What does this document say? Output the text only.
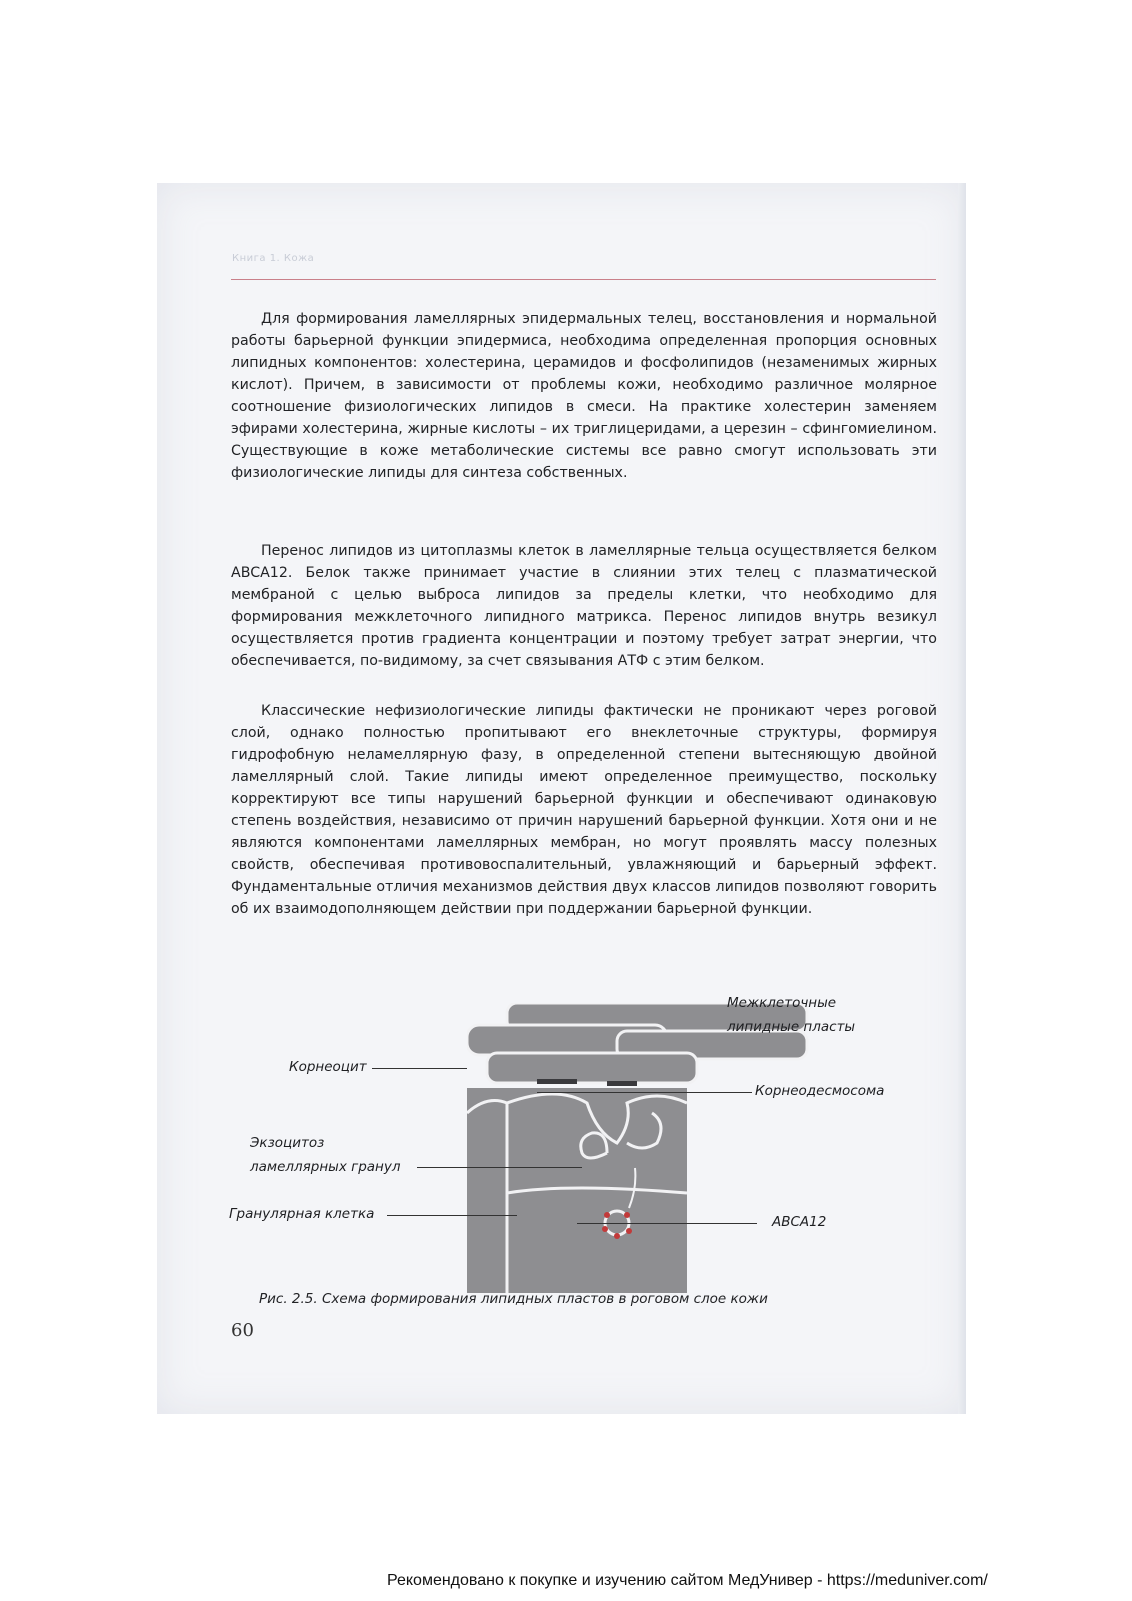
Книга 1. Кожа

Для формирования ламеллярных эпидермальных телец, восстановления и нормальной работы барьерной функции эпидермиса, необходима определенная пропорция основных липидных компонентов: холестерина, церамидов и фосфолипидов (незаменимых жирных кислот). Причем, в зависимости от проблемы кожи, необходимо различное молярное соотношение физиологических липидов в смеси. На практике холестерин заменяем эфирами холестерина, жирные кислоты – их триглицеридами, а церезин – сфингомиелином. Существующие в коже метаболические системы все равно смогут использовать эти физиологические липиды для синтеза собственных.

Перенос липидов из цитоплазмы клеток в ламеллярные тельца осуществляется белком ABCA12. Белок также принимает участие в слиянии этих телец с плазматической мембраной с целью выброса липидов за пределы клетки, что необходимо для формирования межклеточного липидного матрикса. Перенос липидов внутрь везикул осуществляется против градиента концентрации и поэтому требует затрат энергии, что обеспечивается, по-видимому, за счет связывания АТФ с этим белком.

Классические нефизиологические липиды фактически не проникают через роговой слой, однако полностью пропитывают его внеклеточные структуры, формируя гидрофобную неламеллярную фазу, в определенной степени вытесняющую двойной ламеллярный слой. Такие липиды имеют определенное преимущество, поскольку корректируют все типы нарушений барьерной функции и обеспечивают одинаковую степень воздействия, независимо от причин нарушений барьерной функции. Хотя они и не являются компонентами ламеллярных мембран, но могут проявлять массу полезных свойств, обеспечивая противовоспалительный, увлажняющий и барьерный эффект. Фундаментальные отличия механизмов действия двух классов липидов позволяют говорить об их взаимодополняющем действии при поддержании барьерной функции.

Межклеточные липидные пласты
Корнеоцит
Корнеодесмосома
Экзоцитоз ламеллярных гранул
Гранулярная клетка	ABCA12
Рис. 2.5. Схема формирования липидных пластов в роговом слое кожи
60
Рекомендовано к покупке и изучению сайтом МедУнивер - https://meduniver.com/
